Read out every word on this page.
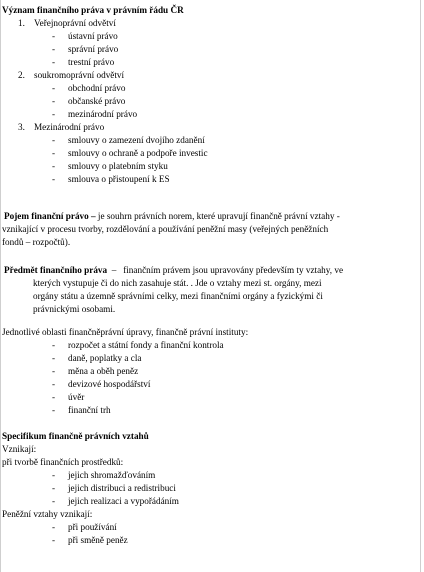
Význam finančního práva v právním řádu ČR
1. Veřejnoprávní odvětví
- ústavní právo
- správní právo
- trestní právo
2. soukromoprávní odvětví
- obchodní právo
- občanské právo
- mezinárodní právo
3. Mezinárodní právo
- smlouvy o zamezení dvojího zdanění
- smlouvy o ochraně a podpoře investic
- smlouvy o platebním styku
- smlouva o přistoupení k ES
Pojem finanční právo – je souhrn právních norem, které upravují finančně právní vztahy -
vznikající v procesu tvorby, rozdělování a používání peněžní masy (veřejných peněžních
fondů – rozpočtů).
Předmět finančního práva – finančním právem jsou upravovány především ty vztahy, ve
kterých vystupuje či do nich zasahuje stát. . Jde o vztahy mezi st. orgány, mezi
orgány státu a územně správními celky, mezi finančními orgány a fyzickými či
právnickými osobami.
Jednotlivé oblasti finančněprávní úpravy, finančně právní instituty:
- rozpočet a státní fondy a finanční kontrola
- daně, poplatky a cla
- měna a oběh peněz
- devizové hospodářství
- úvěr
- finanční trh
Specifikum finančně právních vztahů
Vznikají:
při tvorbě finančních prostředků:
- jejich shromažďováním
- jejich distribuci a redistribuci
- jejich realizaci a vypořádáním
Peněžní vztahy vznikají:
- při používání
- při směně peněz
